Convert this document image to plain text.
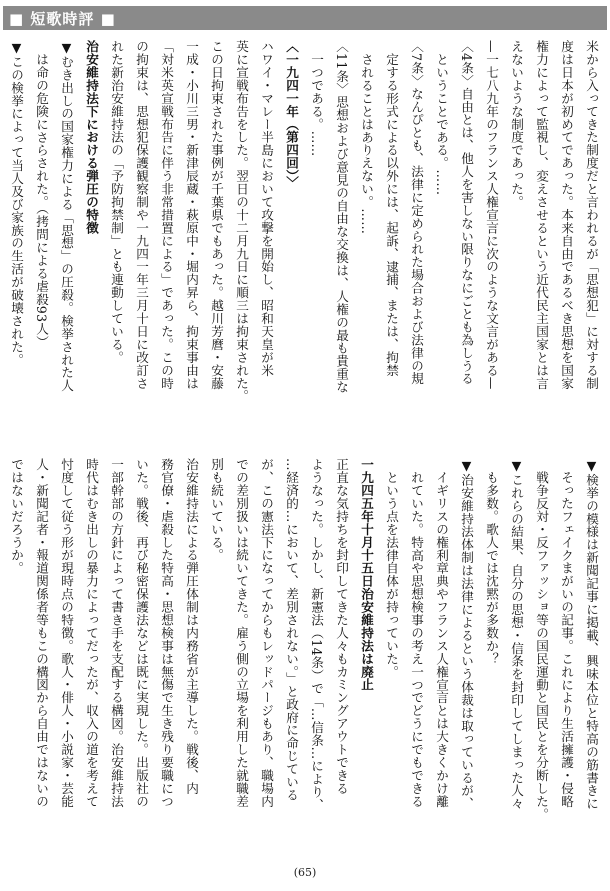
■ 短歌時評 ■
米から入ってきた制度だと言われるが「思想犯」に対する制
度は日本が初めてであった。本来自由であるべき思想を国家
権力によって監視し、変えさせるという近代民主国家とは言
えないような制度であった。
—一七八九年のフランス人権宣言に次のような文言がある—
〈4条〉自由とは、他人を害しない限りなにごとも為しうる
ということである。……
〈7条〉なんぴとも、法律に定められた場合および法律の規
定する形式による以外には、起訴、逮捕、または、拘禁
されることはありえない。……
〈11条〉思想および意見の自由な交換は、人権の最も貴重な
一つである。……
〈一九四一年（第四回）〉
ハワイ・マレー半島において攻撃を開始し、昭和天皇が米
英に宣戦布告をした。翌日の十二月九日に順三は拘束された。
この日拘束された事例が千葉県でもあった。越川芳麿・安藤
一成・小川三男・新津辰蔵・萩原中・堀内昇ら、拘束事由は
「対米英宣戦布告に伴う非常措置による」であった。この時
の拘束は、思想犯保護観察制や一九四一年三月十日に改訂さ
れた新治安維持法の「予防拘禁制」とも連動している。
治安維持法下における弾圧の特徴
▼むき出しの国家権力による「思想」の圧殺。検挙された人
は命の危険にさらされた。（拷問による虐殺93人）
▼この検挙によって当人及び家族の生活が破壊された。
▼検挙の模様は新聞記事に掲載、興味本位と特高の筋書きに
そったフェイクまがいの記事。これにより生活擁護・侵略
戦争反対・反ファッショ等の国民運動と国民とを分断した。
▼これらの結果、自分の思想・信条を封印してしまった人々
も多数。歌人では沈黙が多数か？
▼治安維持法体制は法律によるという体裁は取っているが、
イギリスの権利章典やフランス人権宣言とは大きくかけ離
れていた。特高や思想検事の考え一つでどうにでもできる
という点を法律自体が持っていた。
一九四五年十月十五日治安維持法は廃止
正直な気持ちを封印してきた人々もカミングアウトできる
ようなった。しかし、新憲法（14条）で「…信条…により、
…経済的…において、差別されない。」と政府に命じている
が、この憲法下になってからもレッドパージもあり、職場内
での差別扱いは続いてきた。雇う側の立場を利用した就職差
別も続いている。
治安維持法による弾圧体制は内務省が主導した。戦後、内
務官僚・虐殺した特高・思想検事は無傷で生き残り要職につ
いた。戦後、再び秘密保護法などは既に実現した。出版社の
一部幹部の方針によって書き手を支配する構図。治安維持法
時代はむき出しの暴力によってだったが、収入の道を考えて
忖度して従う形が現時点の特徴。歌人・俳人・小説家・芸能
人・新聞記者・報道関係者等もこの構図から自由ではないの
ではないだろうか。
(65)
